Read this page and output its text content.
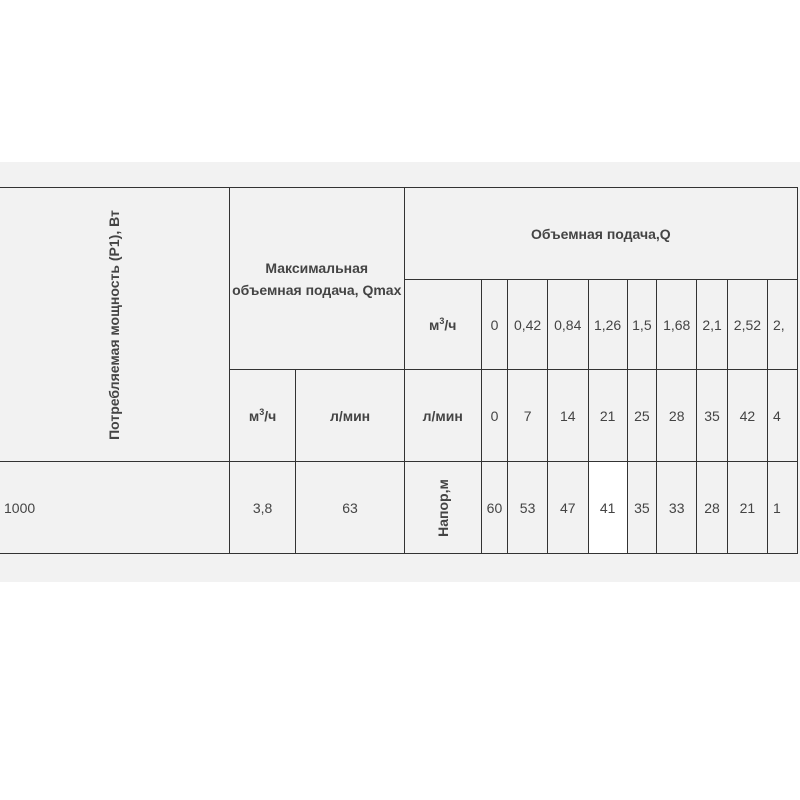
Потребляемая мощность (P1), Вт	Максимальная объемная подача, Qmax		Объемная подача,Q									
			$м^3/ч$	0	0,42	0,84	1,26	1,5	1,68	2,1	2,52	2,
	$м^3/ч$	л/мин	л/мин	0	7	14	21	25	28	35	42	4
1000	3,8	63	Напор,м	60	53	47	41	35	33	28	21	1
